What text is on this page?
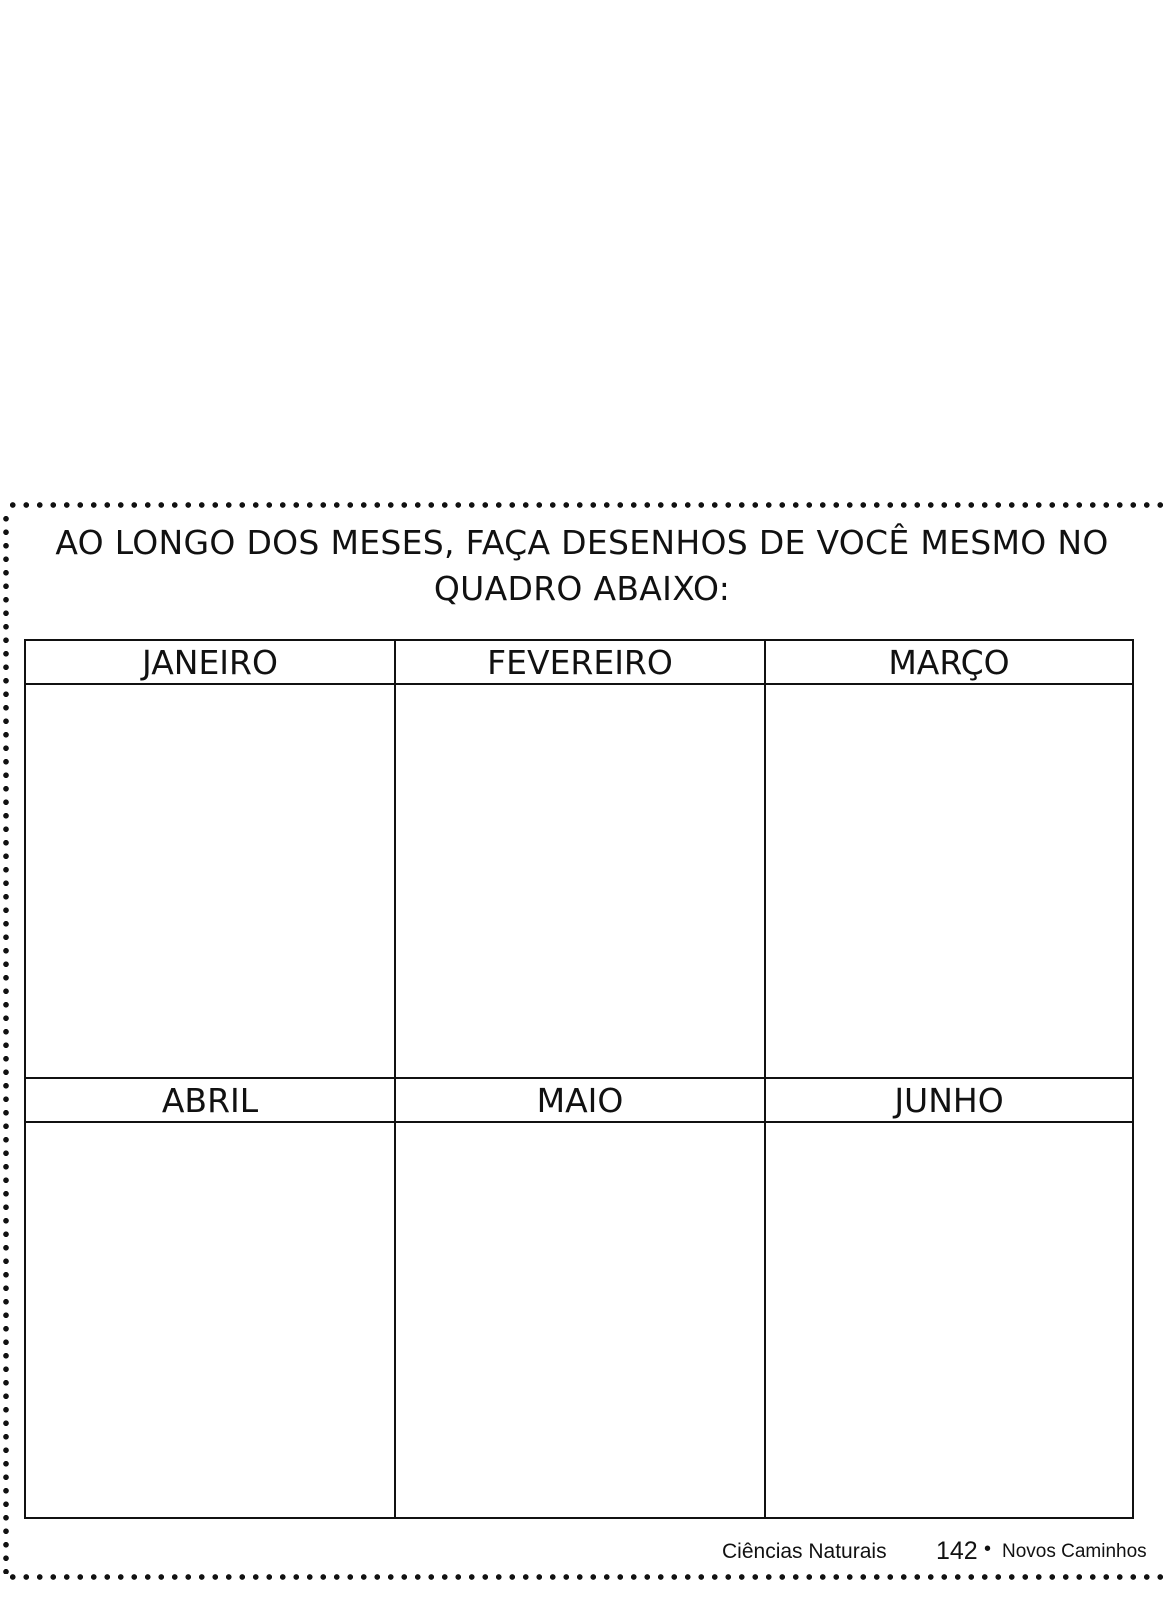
AO LONGO DOS MESES, FAÇA DESENHOS DE VOCÊ MESMO NO
QUADRO ABAIXO:
JANEIRO	FEVEREIRO	MARÇO
ABRIL	MAIO	JUNHO
Ciências Naturais 142 • Novos Caminhos
